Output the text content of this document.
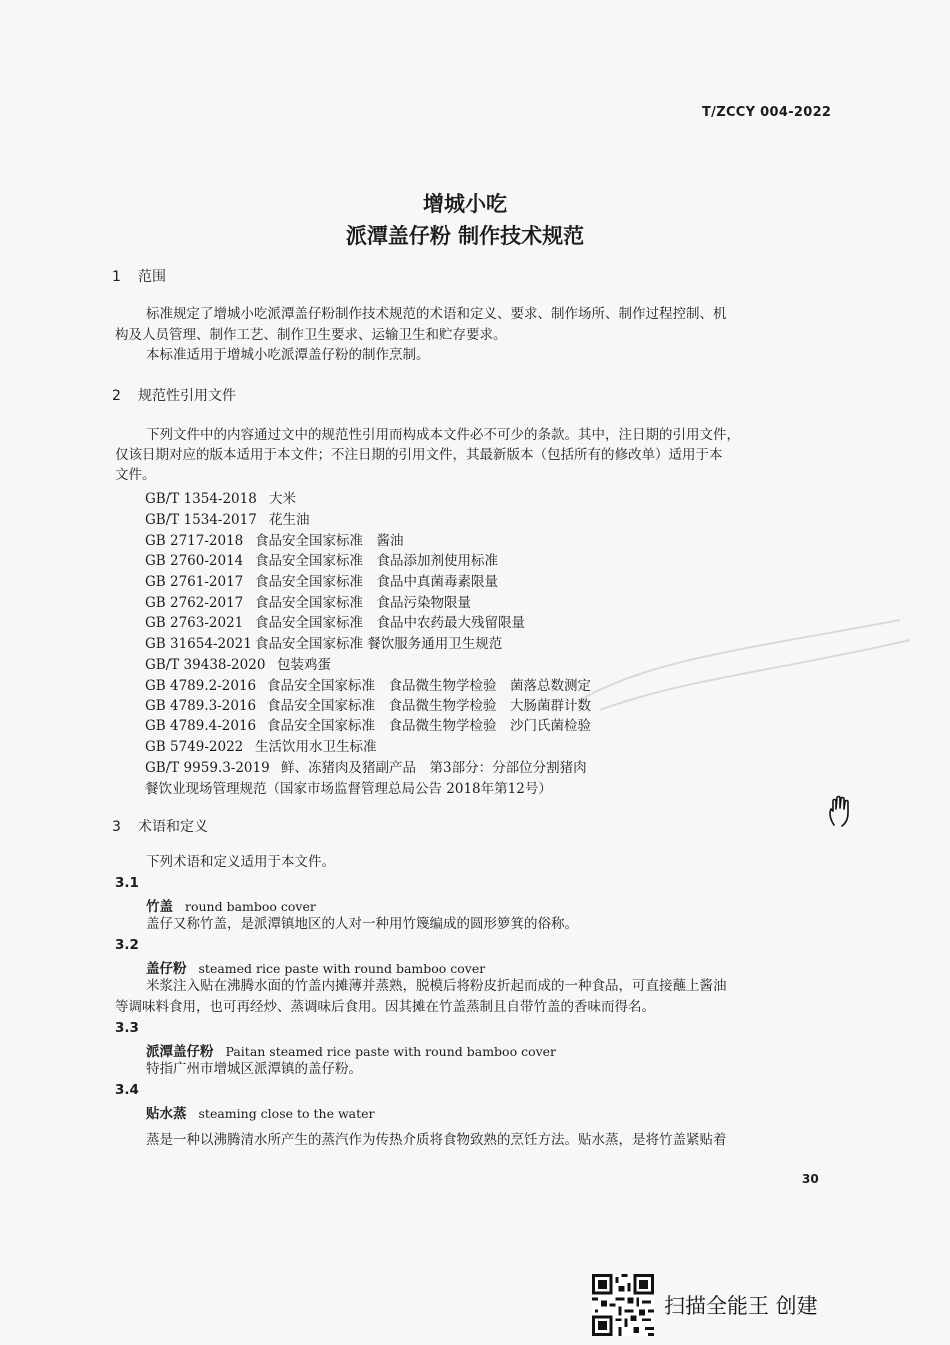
T/ZCCY 004-2022
增城小吃
派潭盖仔粉 制作技术规范
1 范围
标准规定了增城小吃派潭盖仔粉制作技术规范的术语和定义、要求、制作场所、制作过程控制、机
构及人员管理、制作工艺、制作卫生要求、运输卫生和贮存要求。
本标准适用于增城小吃派潭盖仔粉的制作烹制。
2 规范性引用文件
下列文件中的内容通过文中的规范性引用而构成本文件必不可少的条款。其中，注日期的引用文件，
仅该日期对应的版本适用于本文件；不注日期的引用文件，其最新版本（包括所有的修改单）适用于本
文件。
GB/T 1354-2018 大米
GB/T 1534-2017 花生油
GB 2717-2018 食品安全国家标准　酱油
GB 2760-2014 食品安全国家标准　食品添加剂使用标准
GB 2761-2017 食品安全国家标准　食品中真菌毒素限量
GB 2762-2017 食品安全国家标准　食品污染物限量
GB 2763-2021 食品安全国家标准　食品中农药最大残留限量
GB 31654-2021 食品安全国家标准 餐饮服务通用卫生规范
GB/T 39438-2020 包装鸡蛋
GB 4789.2-2016 食品安全国家标准　食品微生物学检验　菌落总数测定
GB 4789.3-2016 食品安全国家标准　食品微生物学检验　大肠菌群计数
GB 4789.4-2016 食品安全国家标准　食品微生物学检验　沙门氏菌检验
GB 5749-2022 生活饮用水卫生标准
GB/T 9959.3-2019 鲜、冻猪肉及猪副产品　第3部分：分部位分割猪肉
餐饮业现场管理规范（国家市场监督管理总局公告 2018年第12号）
3 术语和定义
下列术语和定义适用于本文件。
3.1
竹盖 round bamboo cover
盖仔又称竹盖，是派潭镇地区的人对一种用竹篾编成的圆形箩箕的俗称。
3.2
盖仔粉 steamed rice paste with round bamboo cover
米浆注入贴在沸腾水面的竹盖内摊薄并蒸熟，脱模后将粉皮折起而成的一种食品，可直接蘸上酱油
等调味料食用，也可再经炒、蒸调味后食用。因其摊在竹盖蒸制且自带竹盖的香味而得名。
3.3
派潭盖仔粉 Paitan steamed rice paste with round bamboo cover
特指广州市增城区派潭镇的盖仔粉。
3.4
贴水蒸 steaming close to the water
蒸是一种以沸腾清水所产生的蒸汽作为传热介质将食物致熟的烹饪方法。贴水蒸，是将竹盖紧贴着
30
扫描全能王 创建
